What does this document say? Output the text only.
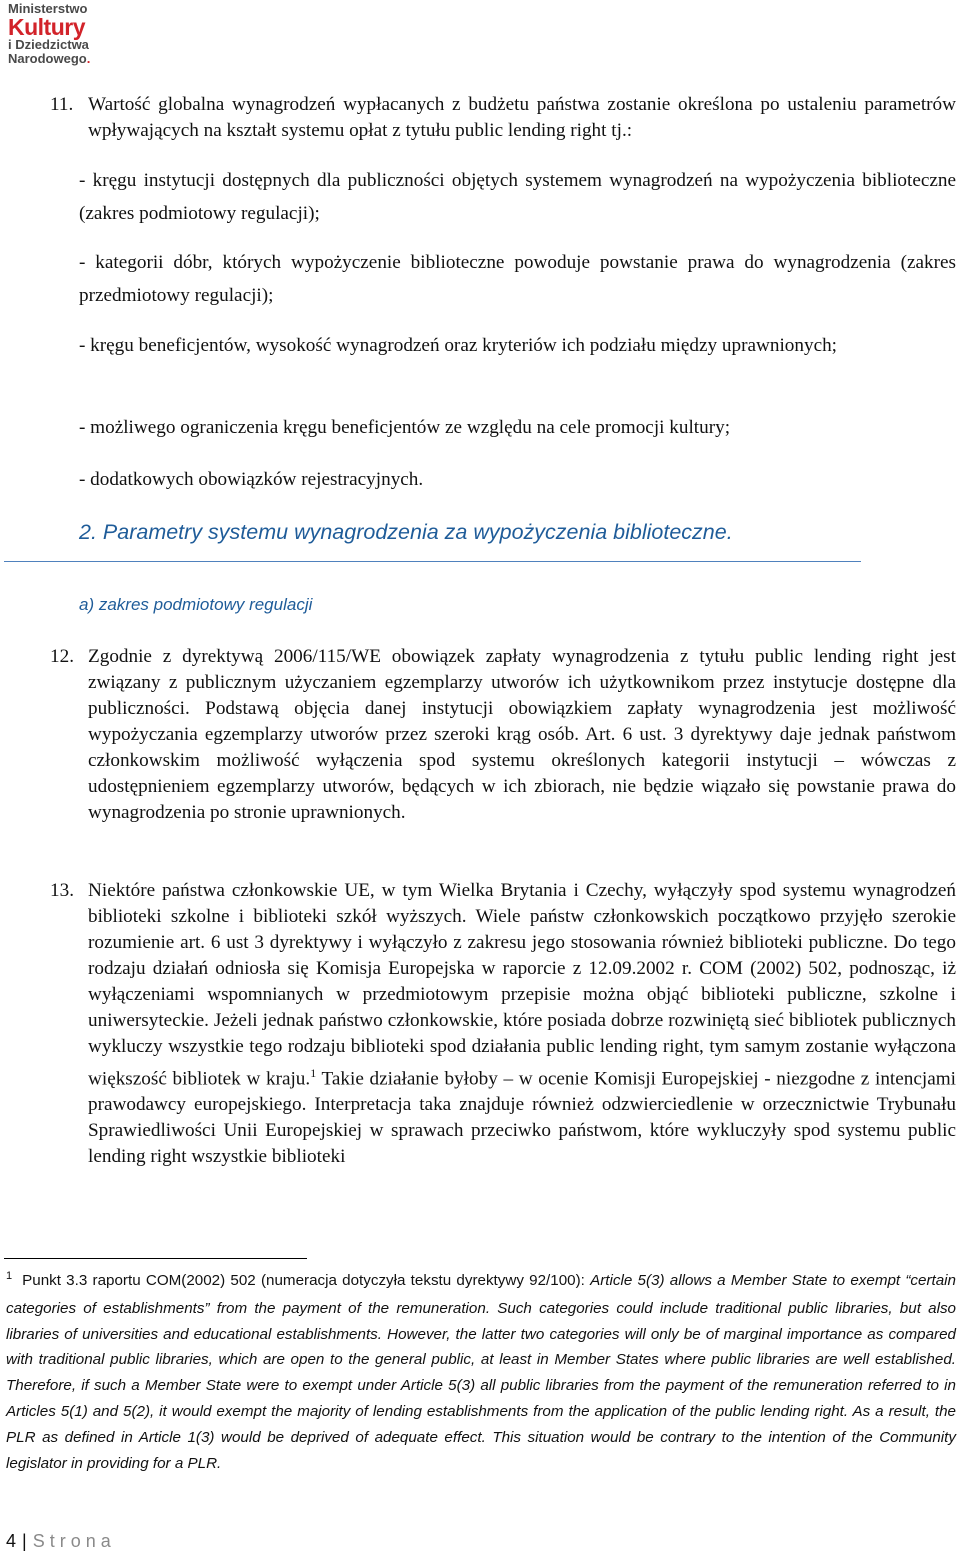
Ministerstwo
Kultury
i Dziedzictwa
Narodowego.
11. Wartość globalna wynagrodzeń wypłacanych z budżetu państwa zostanie określona po ustaleniu parametrów wpływających na kształt systemu opłat z tytułu public lending right tj.:
- kręgu instytucji dostępnych dla publiczności objętych systemem wynagrodzeń na wypożyczenia biblioteczne (zakres podmiotowy regulacji);
- kategorii dóbr, których wypożyczenie biblioteczne powoduje powstanie prawa do wynagrodzenia (zakres przedmiotowy regulacji);
- kręgu beneficjentów, wysokość wynagrodzeń oraz kryteriów ich podziału między uprawnionych;
- możliwego ograniczenia kręgu beneficjentów ze względu na cele promocji kultury;
- dodatkowych obowiązków rejestracyjnych.
2. Parametry systemu wynagrodzenia za wypożyczenia biblioteczne.
a) zakres podmiotowy regulacji
12. Zgodnie z dyrektywą 2006/115/WE obowiązek zapłaty wynagrodzenia z tytułu public lending right jest związany z publicznym użyczaniem egzemplarzy utworów ich użytkownikom przez instytucje dostępne dla publiczności. Podstawą objęcia danej instytucji obowiązkiem zapłaty wynagrodzenia jest możliwość wypożyczania egzemplarzy utworów przez szeroki krąg osób. Art. 6 ust. 3 dyrektywy daje jednak państwom członkowskim możliwość wyłączenia spod systemu określonych kategorii instytucji – wówczas z udostępnieniem egzemplarzy utworów, będących w ich zbiorach, nie będzie wiązało się powstanie prawa do wynagrodzenia po stronie uprawnionych.
13. Niektóre państwa członkowskie UE, w tym Wielka Brytania i Czechy, wyłączyły spod systemu wynagrodzeń biblioteki szkolne i biblioteki szkół wyższych. Wiele państw członkowskich początkowo przyjęło szerokie rozumienie art. 6 ust 3 dyrektywy i wyłączyło z zakresu jego stosowania również biblioteki publiczne. Do tego rodzaju działań odniosła się Komisja Europejska w raporcie z 12.09.2002 r. COM (2002) 502, podnosząc, iż wyłączeniami wspomnianych w przedmiotowym przepisie można objąć biblioteki publiczne, szkolne i uniwersyteckie. Jeżeli jednak państwo członkowskie, które posiada dobrze rozwiniętą sieć bibliotek publicznych wykluczy wszystkie tego rodzaju biblioteki spod działania public lending right, tym samym zostanie wyłączona większość bibliotek w kraju.$^1$ Takie działanie byłoby – w ocenie Komisji Europejskiej - niezgodne z intencjami prawodawcy europejskiego. Interpretacja taka znajduje również odzwierciedlenie w orzecznictwie Trybunału Sprawiedliwości Unii Europejskiej w sprawach przeciwko państwom, które wykluczyły spod systemu public lending right wszystkie biblioteki
$^1$ Punkt 3.3 raportu COM(2002) 502 (numeracja dotyczyła tekstu dyrektywy 92/100): Article 5(3) allows a Member State to exempt “certain categories of establishments” from the payment of the remuneration. Such categories could include traditional public libraries, but also libraries of universities and educational establishments. However, the latter two categories will only be of marginal importance as compared with traditional public libraries, which are open to the general public, at least in Member States where public libraries are well established. Therefore, if such a Member State were to exempt under Article 5(3) all public libraries from the payment of the remuneration referred to in Articles 5(1) and 5(2), it would exempt the majority of lending establishments from the application of the public lending right. As a result, the PLR as defined in Article 1(3) would be deprived of adequate effect. This situation would be contrary to the intention of the Community legislator in providing for a PLR.
4 | Strona
